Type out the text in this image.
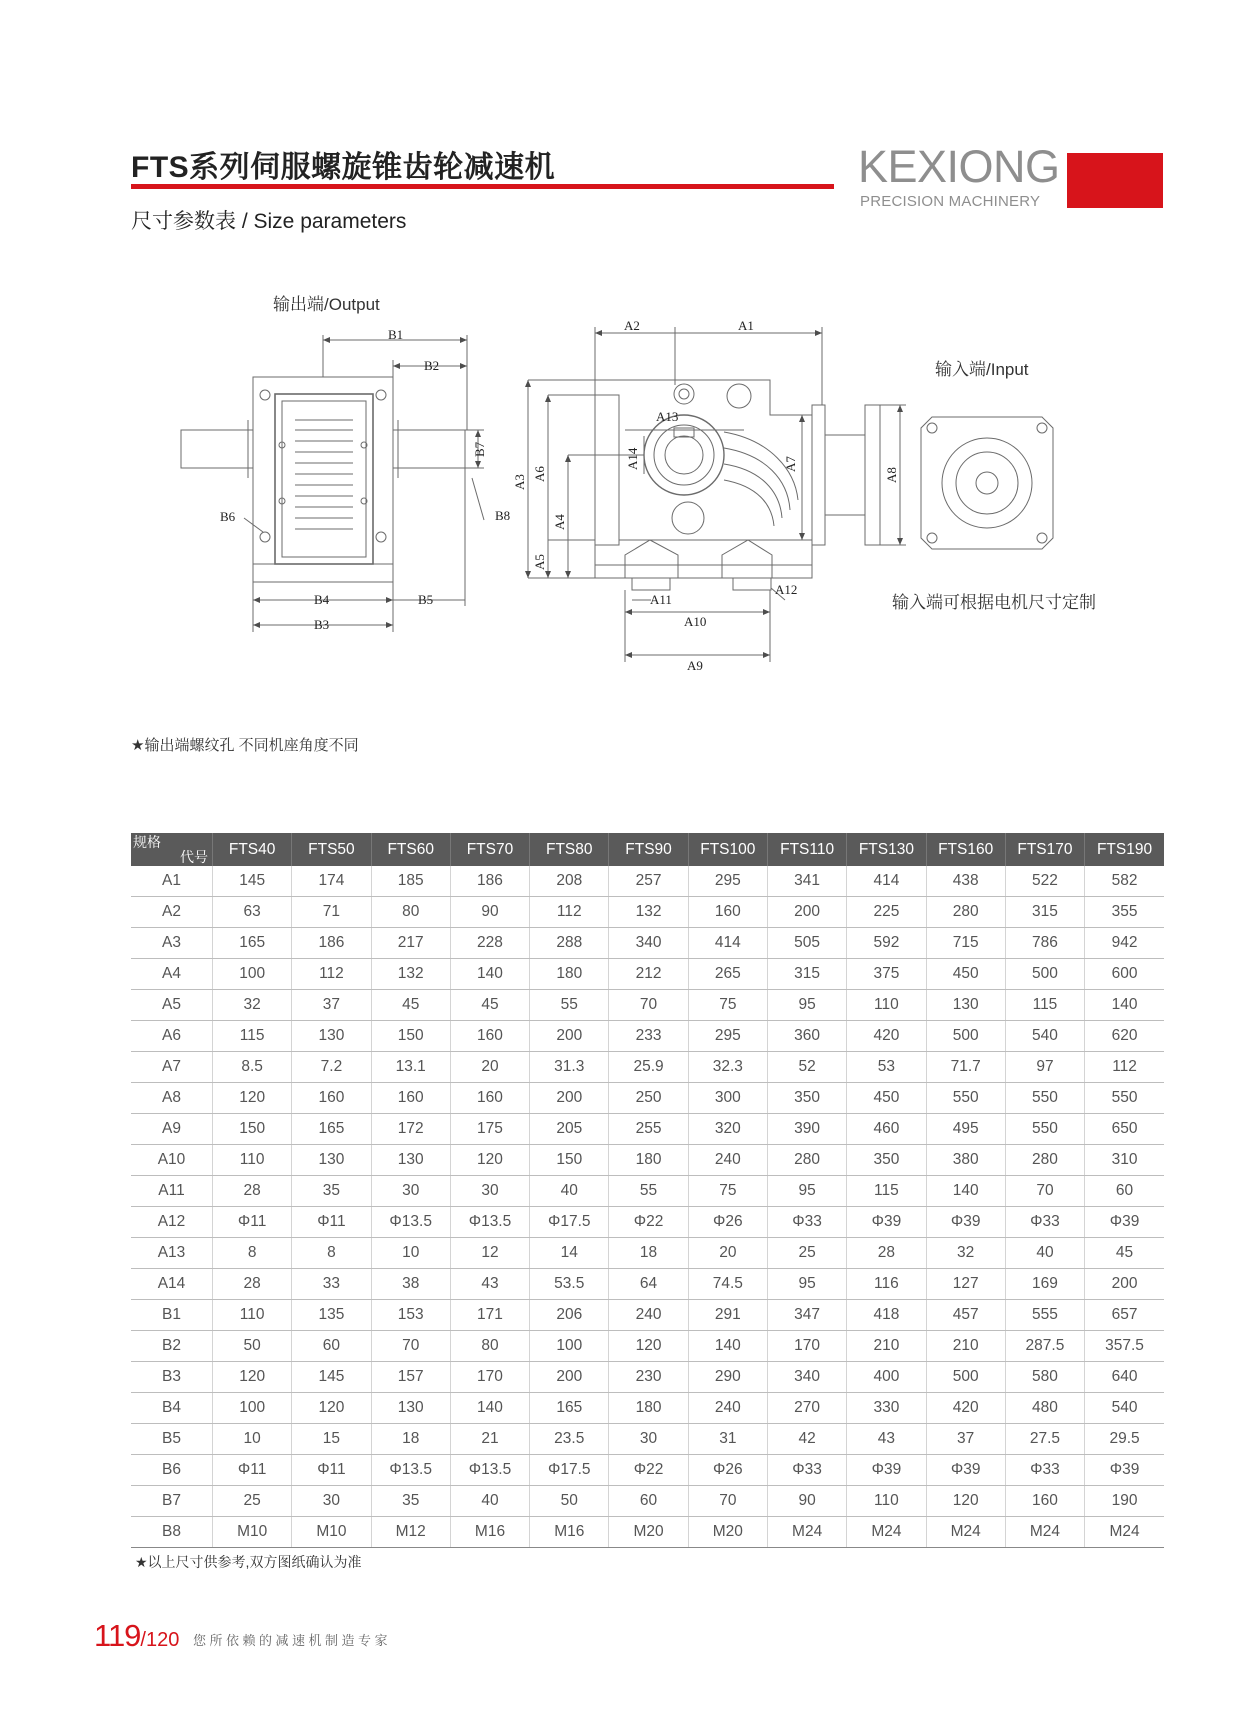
FTS系列伺服螺旋锥齿轮减速机
尺寸参数表 / Size parameters
KEXIONG
PRECISION MACHINERY
输出端/Output
输入端/Input
输入端可根据电机尺寸定制
B1
B2
B7
B8
B6
B4	B5
B3
A2	A1
A13
A14
A3
A6
A4
A5
A7
A8
A11
A12
A10
A9
★输出端螺纹孔 不同机座角度不同
规格
代号	FTS40	FTS50	FTS60	FTS70	FTS80	FTS90	FTS100	FTS110	FTS130	FTS160	FTS170	FTS190
A1	145	174	185	186	208	257	295	341	414	438	522	582
A2	63	71	80	90	112	132	160	200	225	280	315	355
A3	165	186	217	228	288	340	414	505	592	715	786	942
A4	100	112	132	140	180	212	265	315	375	450	500	600
A5	32	37	45	45	55	70	75	95	110	130	115	140
A6	115	130	150	160	200	233	295	360	420	500	540	620
A7	8.5	7.2	13.1	20	31.3	25.9	32.3	52	53	71.7	97	112
A8	120	160	160	160	200	250	300	350	450	550	550	550
A9	150	165	172	175	205	255	320	390	460	495	550	650
A10	110	130	130	120	150	180	240	280	350	380	280	310
A11	28	35	30	30	40	55	75	95	115	140	70	60
A12	Φ11	Φ11	Φ13.5	Φ13.5	Φ17.5	Φ22	Φ26	Φ33	Φ39	Φ39	Φ33	Φ39
A13	8	8	10	12	14	18	20	25	28	32	40	45
A14	28	33	38	43	53.5	64	74.5	95	116	127	169	200
B1	110	135	153	171	206	240	291	347	418	457	555	657
B2	50	60	70	80	100	120	140	170	210	210	287.5	357.5
B3	120	145	157	170	200	230	290	340	400	500	580	640
B4	100	120	130	140	165	180	240	270	330	420	480	540
B5	10	15	18	21	23.5	30	31	42	43	37	27.5	29.5
B6	Φ11	Φ11	Φ13.5	Φ13.5	Φ17.5	Φ22	Φ26	Φ33	Φ39	Φ39	Φ33	Φ39
B7	25	30	35	40	50	60	70	90	110	120	160	190
B8	M10	M10	M12	M16	M16	M20	M20	M24	M24	M24	M24	M24
★以上尺寸供参考,双方图纸确认为准
119/120 您所依赖的减速机制造专家
